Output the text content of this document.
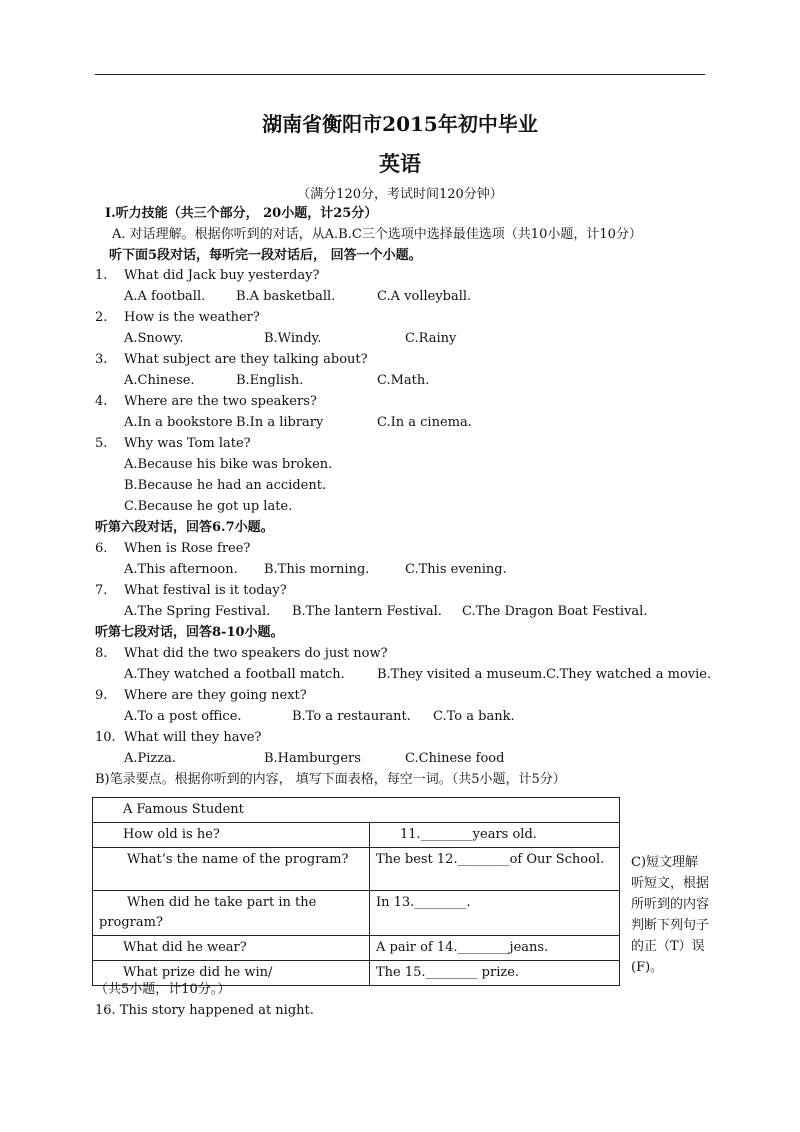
湖南省衡阳市2015年初中毕业
英语
（满分120分，考试时间120分钟）
I.听力技能（共三个部分， 20小题，计25分）
A. 对话理解。根据你听到的对话，从A.B.C三个选项中选择最佳选项（共10小题，计10分）
听下面5段对话，每听完一段对话后， 回答一个小题。
1. What did Jack buy yesterday?
A.A football. B.A basketball.	C.A volleyball.
2. How is the weather?
A.Snowy.	B.Windy.	C.Rainy
3. What subject are they talking about?
A.Chinese.	B.English.	C.Math.
4. Where are the two speakers?
A.In a bookstore B.In a library	C.In a cinema.
5. Why was Tom late?
A.Because his bike was broken.
B.Because he had an accident.
C.Because he got up late.
6. When is Rose free?
A.This afternoon. B.This morning.	C.This evening.
7. What festival is it today?
A.The Spring Festival. B.The lantern Festival. C.The Dragon Boat Festival.
8. What did the two speakers do just now?
A.They watched a football match. B.They visited a museum. C.They watched a movie.
9. Where are they going next?
A.To a post office.	B.To a restaurant. C.To a bank.
10. What will they have?
A.Pizza.	B.Hamburgers	C.Chinese food
听第六段对话，回答6.7小题。
听第七段对话，回答8-10小题。
B)笔录要点。根据你听到的内容， 填写下面表格，每空一词。（共5小题，计5分）
A Famous Student	
How old is he?	11.________years old.
What’s the name of the program?	The best 12.________of Our School.
When did he take part in the program?	In 13.________.
What did he wear?	A pair of 14.________jeans.
What prize did he win/	The 15.________ prize.
C)短文理解听短文，根据所听到的内容判断下列句子的正（T）误(F)。
（共5小题，计10分。）
16. This story happened at night.
